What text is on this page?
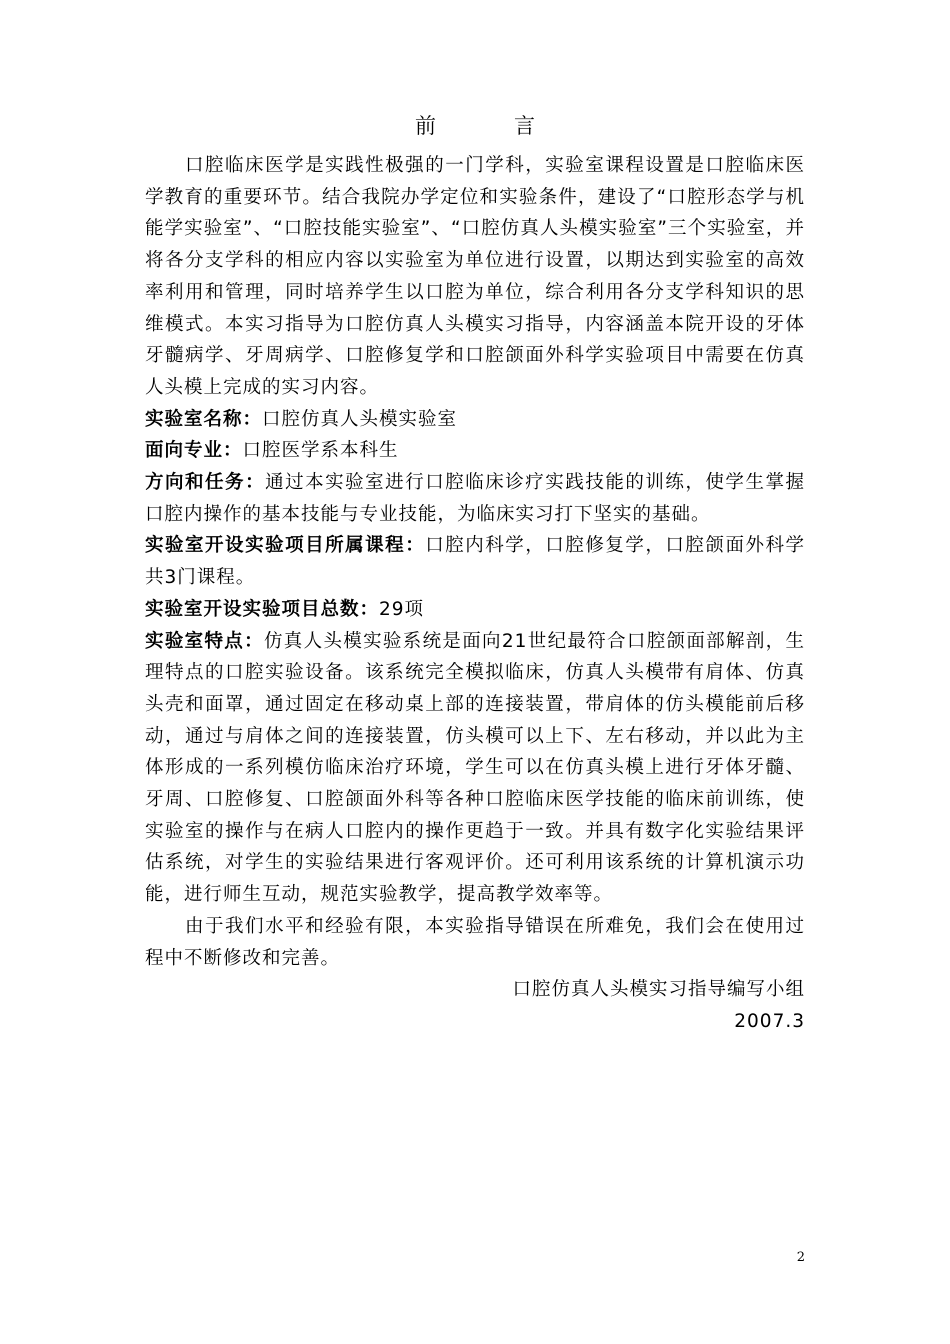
前	言

口腔临床医学是实践性极强的一门学科，实验室课程设置是口腔临床医学教育的重要环节。结合我院办学定位和实验条件，建设了“口腔形态学与机能学实验室”、“口腔技能实验室”、“口腔仿真人头模实验室”三个实验室，并将各分支学科的相应内容以实验室为单位进行设置，以期达到实验室的高效率利用和管理，同时培养学生以口腔为单位，综合利用各分支学科知识的思维模式。本实习指导为口腔仿真人头模实习指导，内容涵盖本院开设的牙体牙髓病学、牙周病学、口腔修复学和口腔颌面外科学实验项目中需要在仿真人头模上完成的实习内容。

实验室名称：口腔仿真人头模实验室

面向专业：口腔医学系本科生

方向和任务：通过本实验室进行口腔临床诊疗实践技能的训练，使学生掌握口腔内操作的基本技能与专业技能，为临床实习打下坚实的基础。

实验室开设实验项目所属课程：口腔内科学，口腔修复学，口腔颌面外科学共3门课程。

实验室开设实验项目总数：29项

实验室特点：仿真人头模实验系统是面向21世纪最符合口腔颌面部解剖，生理特点的口腔实验设备。该系统完全模拟临床，仿真人头模带有肩体、仿真头壳和面罩，通过固定在移动桌上部的连接装置，带肩体的仿头模能前后移动，通过与肩体之间的连接装置，仿头模可以上下、左右移动，并以此为主体形成的一系列模仿临床治疗环境，学生可以在仿真头模上进行牙体牙髓、牙周、口腔修复、口腔颌面外科等各种口腔临床医学技能的临床前训练，使实验室的操作与在病人口腔内的操作更趋于一致。并具有数字化实验结果评估系统，对学生的实验结果进行客观评价。还可利用该系统的计算机演示功能，进行师生互动，规范实验教学，提高教学效率等。

由于我们水平和经验有限，本实验指导错误在所难免，我们会在使用过程中不断修改和完善。

口腔仿真人头模实习指导编写小组

2007.3

2
